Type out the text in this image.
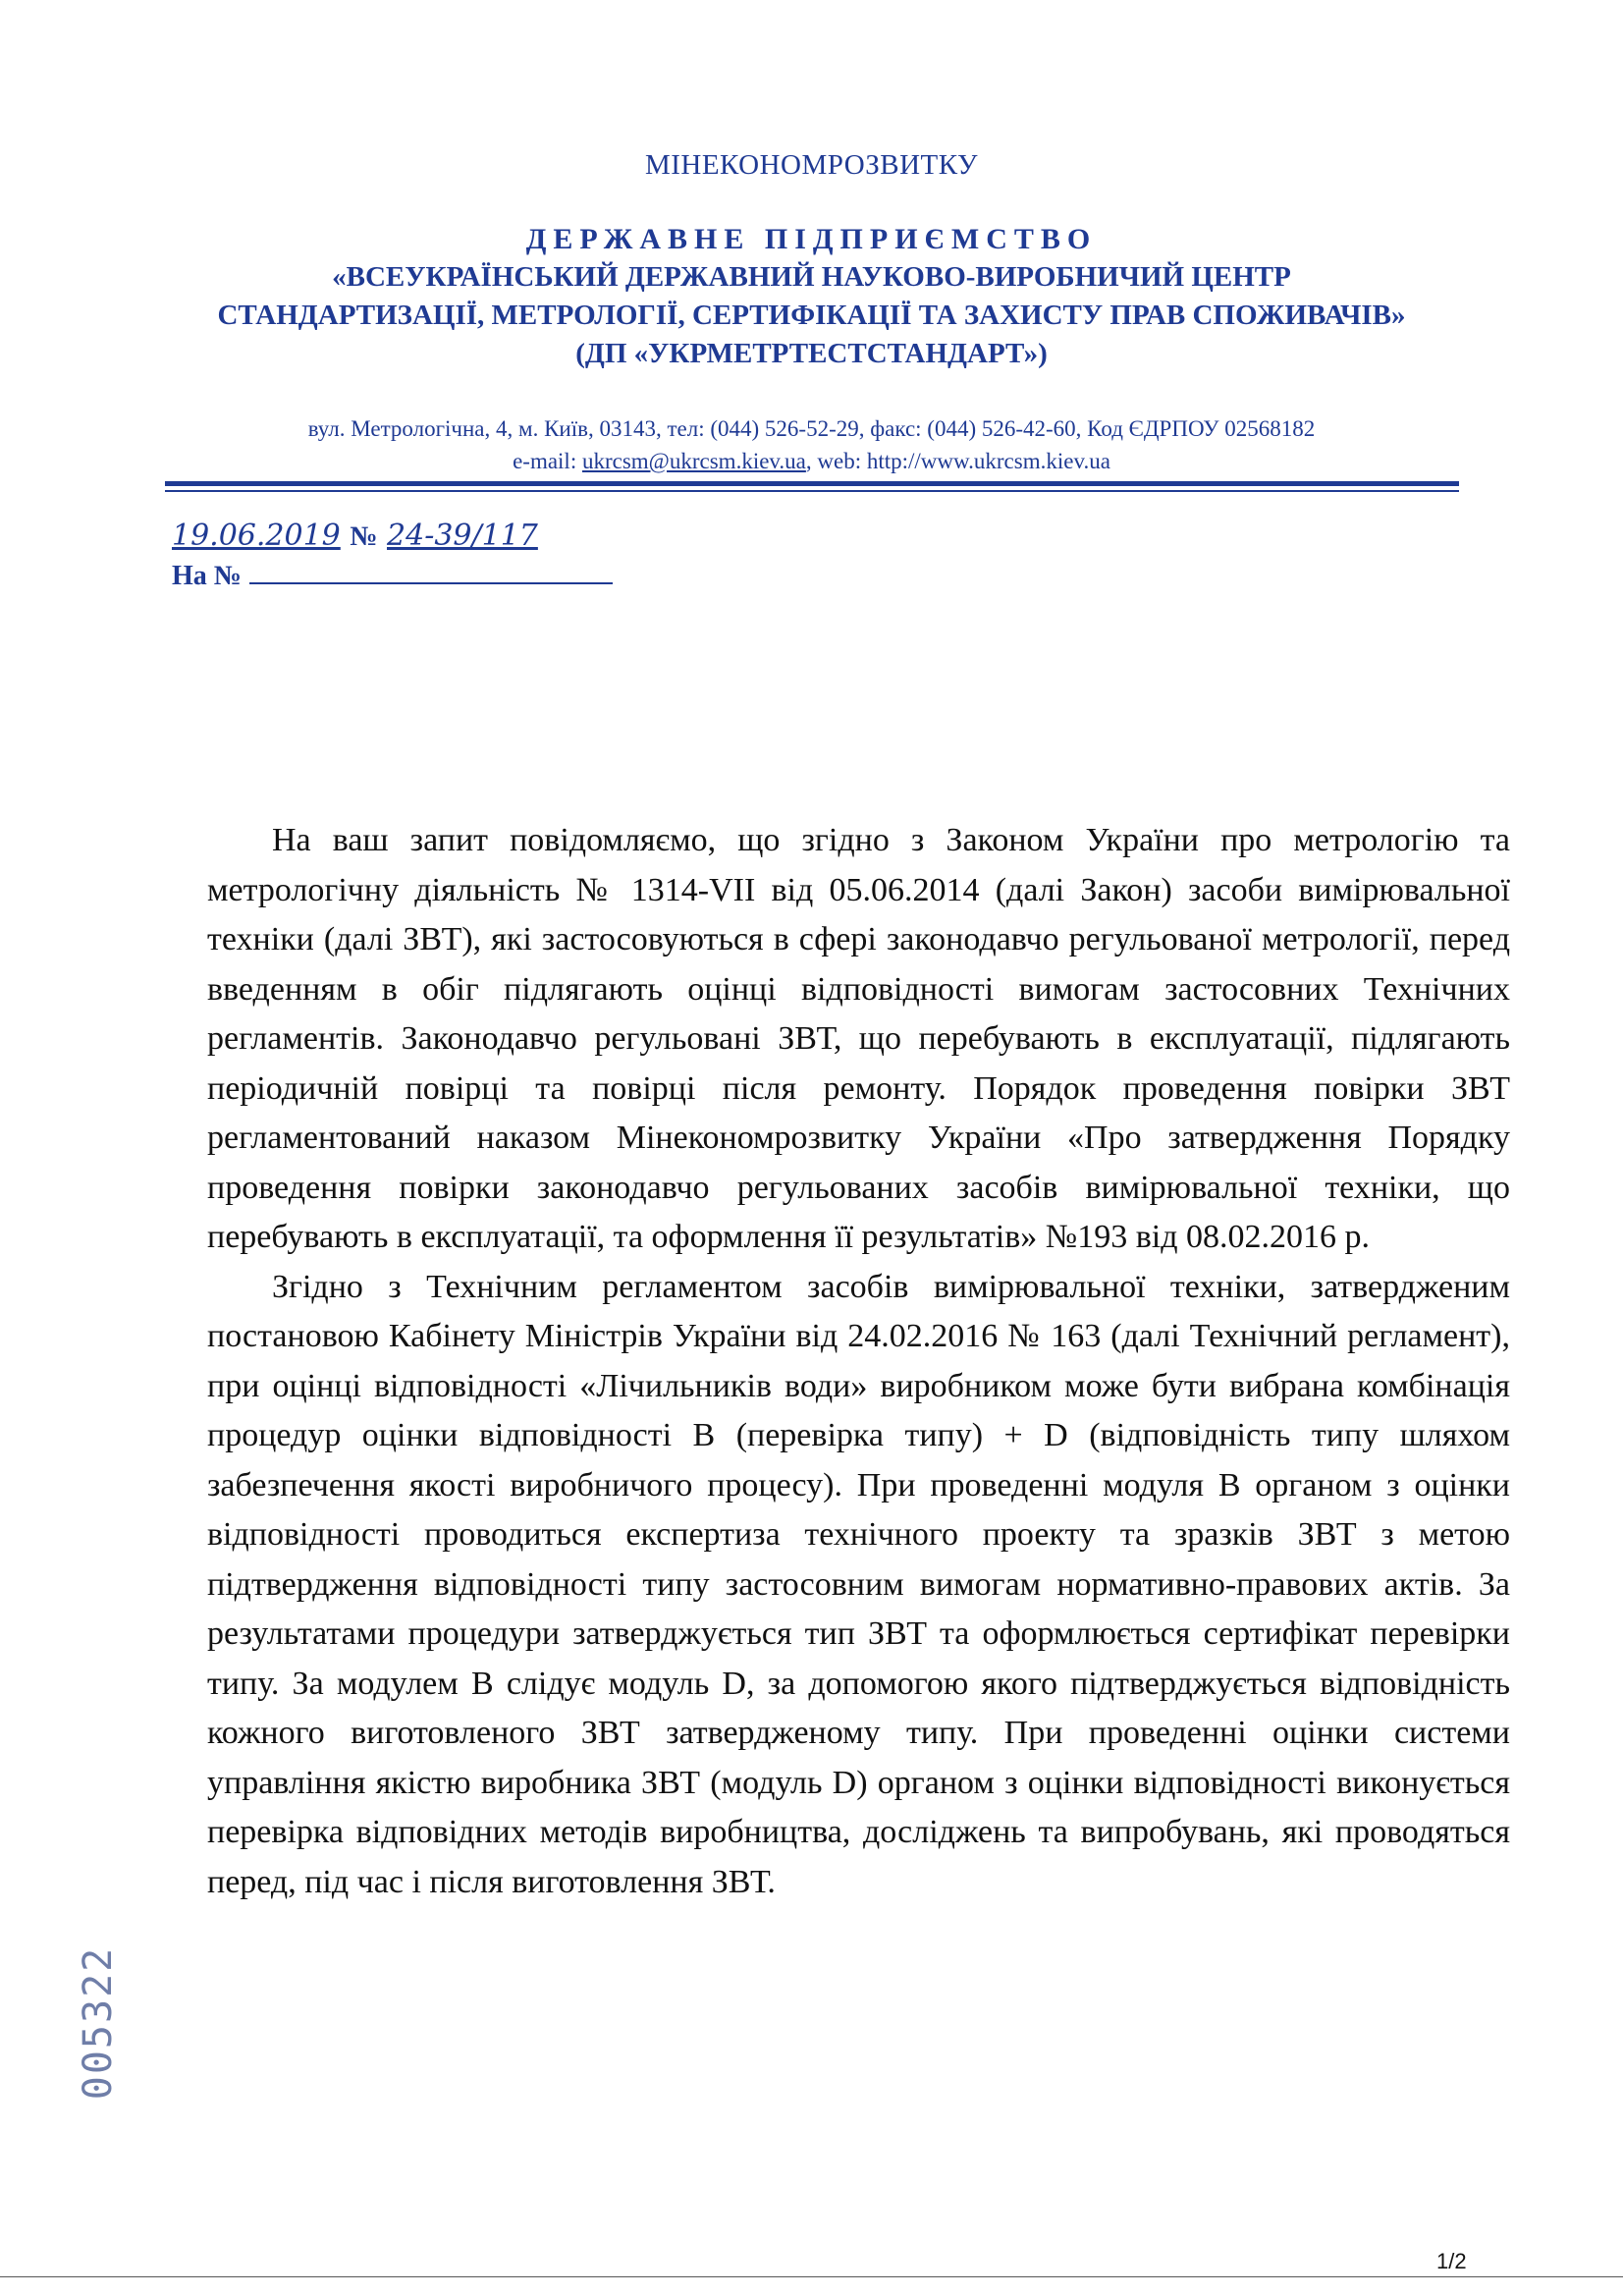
МІНЕКОНОМРОЗВИТКУ
ДЕРЖАВНЕ ПІДПРИЄМСТВО
«ВСЕУКРАЇНСЬКИЙ ДЕРЖАВНИЙ НАУКОВО-ВИРОБНИЧИЙ ЦЕНТР
СТАНДАРТИЗАЦІЇ, МЕТРОЛОГІЇ, СЕРТИФІКАЦІЇ ТА ЗАХИСТУ ПРАВ СПОЖИВАЧІВ»
(ДП «УКРМЕТРТЕСТСТАНДАРТ»)
вул. Метрологічна, 4, м. Київ, 03143, тел: (044) 526-52-29, факс: (044) 526-42-60, Код ЄДРПОУ 02568182
e-mail: ukrcsm@ukrcsm.kiev.ua, web: http://www.ukrcsm.kiev.ua
19.06.2019 № 24-39/117
На №

На ваш запит повідомляємо, що згідно з Законом України про метрологію та метрологічну діяльність № 1314-VII від 05.06.2014 (далі Закон) засоби вимірювальної техніки (далі ЗВТ), які застосовуються в сфері законодавчо регульованої метрології, перед введенням в обіг підлягають оцінці відповідності вимогам застосовних Технічних регламентів. Законодавчо регульовані ЗВТ, що перебувають в експлуатації, підлягають періодичній повірці та повірці після ремонту. Порядок проведення повірки ЗВТ регламентований наказом Мінекономрозвитку України «Про затвердження Порядку проведення повірки законодавчо регульованих засобів вимірювальної техніки, що перебувають в експлуатації, та оформлення її результатів» №193 від 08.02.2016 р.

Згідно з Технічним регламентом засобів вимірювальної техніки, затвердженим постановою Кабінету Міністрів України від 24.02.2016 № 163 (далі Технічний регламент), при оцінці відповідності «Лічильників води» виробником може бути вибрана комбінація процедур оцінки відповідності В (перевірка типу) + D (відповідність типу шляхом забезпечення якості виробничого процесу). При проведенні модуля В органом з оцінки відповідності проводиться експертиза технічного проекту та зразків ЗВТ з метою підтвердження відповідності типу застосовним вимогам нормативно-правових актів. За результатами процедури затверджується тип ЗВТ та оформлюється сертифікат перевірки типу. За модулем В слідує модуль D, за допомогою якого підтверджується відповідність кожного виготовленого ЗВТ затвердженому типу. При проведенні оцінки системи управління якістю виробника ЗВТ (модуль D) органом з оцінки відповідності виконується перевірка відповідних методів виробництва, досліджень та випробувань, які проводяться перед, під час і після виготовлення ЗВТ.

005322
1/2
